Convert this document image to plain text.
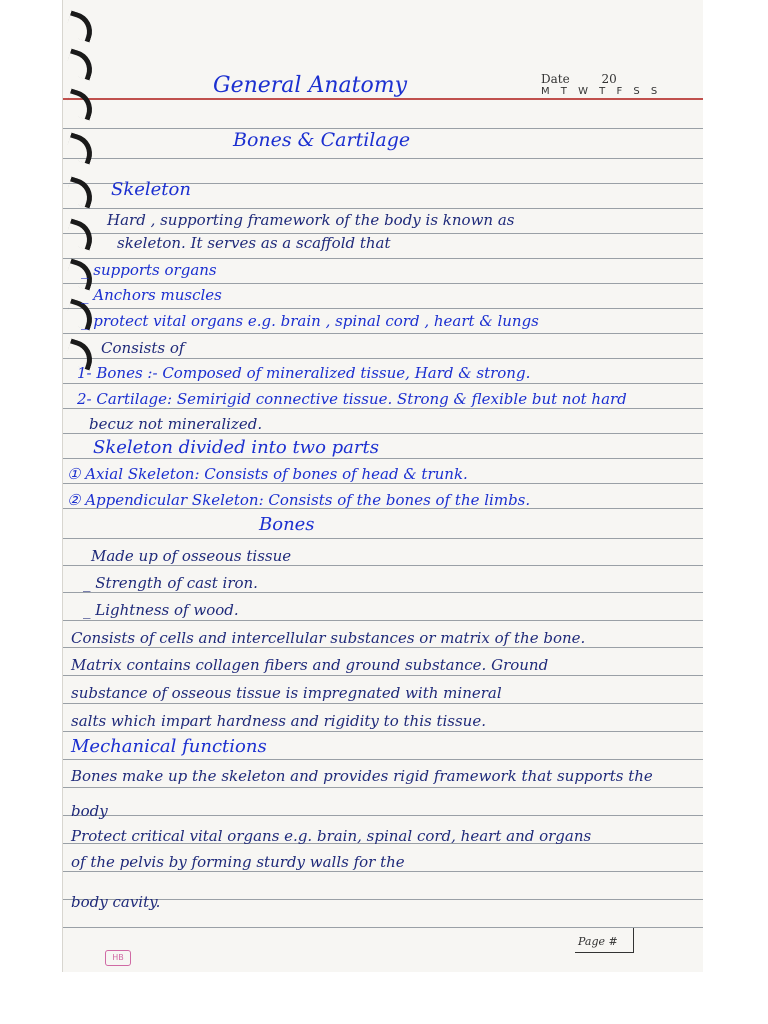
General Anatomy	Date	20
M T W T F S S
Bones & Cartilage
Skeleton
Hard , supporting framework of the body is known as
skeleton. It serves as a scaffold that
_ supports organs
_ Anchors muscles
_ protect vital organs e.g. brain , spinal cord , heart & lungs
Consists of
1- Bones :- Composed of mineralized tissue, Hard & strong.
2- Cartilage: Semirigid connective tissue. Strong & flexible but not hard
becuz not mineralized.
Skeleton divided into two parts
① Axial Skeleton: Consists of bones of head & trunk.
② Appendicular Skeleton: Consists of the bones of the limbs.
Bones
Made up of osseous tissue
_ Strength of cast iron.
_ Lightness of wood.
Consists of cells and intercellular substances or matrix of the bone.
Matrix contains collagen fibers and ground substance. Ground
substance of osseous tissue is impregnated with mineral
salts which impart hardness and rigidity to this tissue.
Mechanical functions
Bones make up the skeleton and provides rigid framework that supports the
body
Protect critical vital organs e.g. brain, spinal cord, heart and organs
of the pelvis by forming sturdy walls for the
body cavity.
Page #
HB
